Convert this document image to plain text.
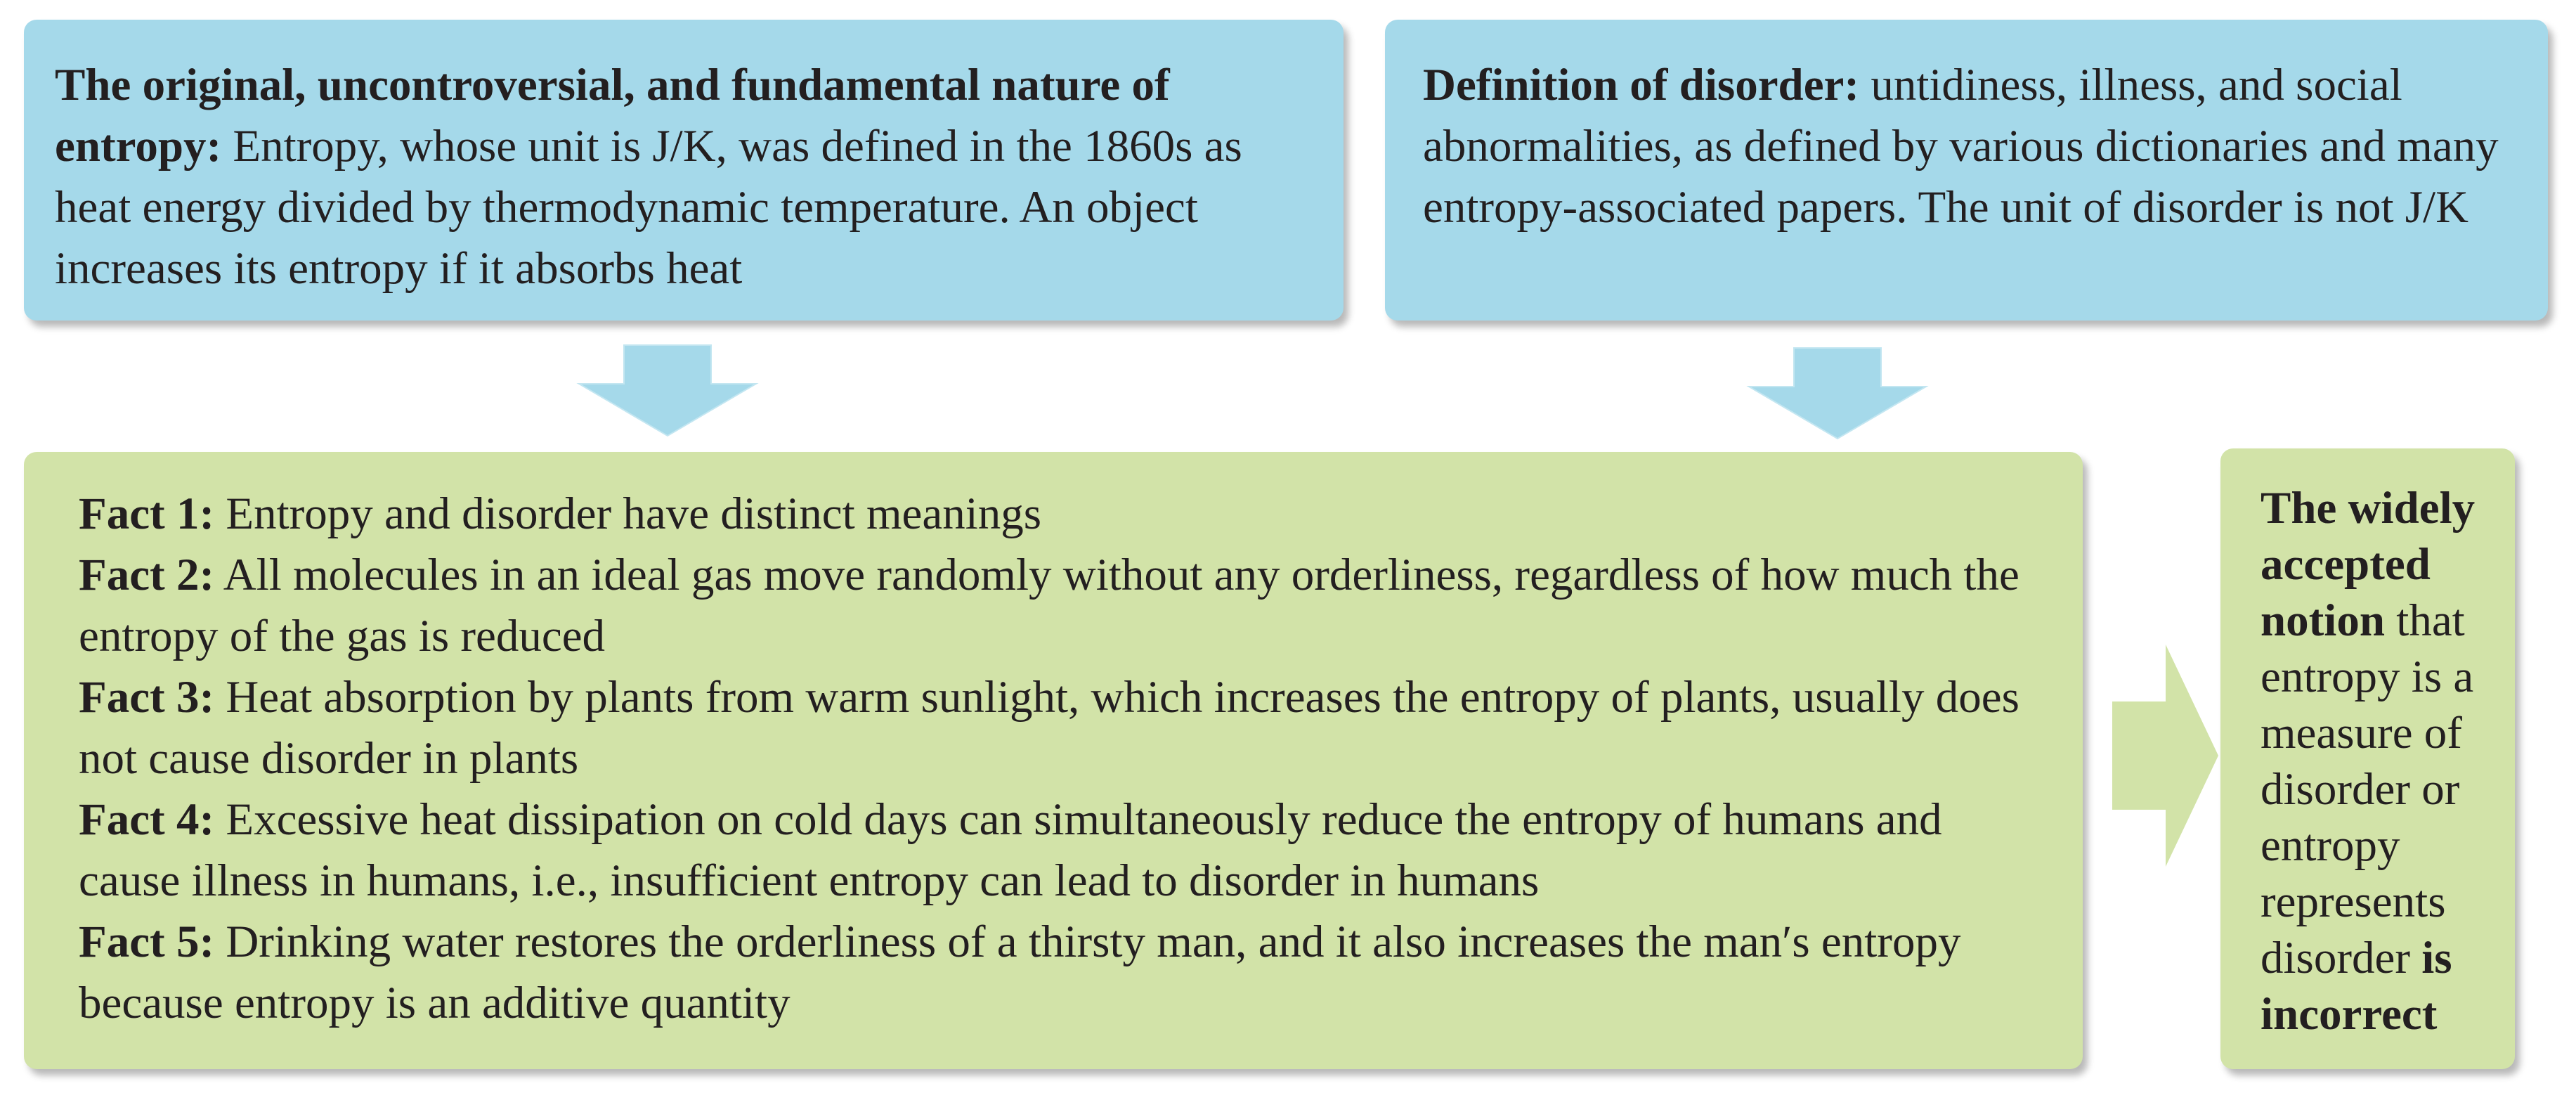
The original, uncontroversial, and fundamental nature of entropy: Entropy, whose unit is J/K, was defined in the 1860s as heat energy divided by thermodynamic temperature. An object increases its entropy if it absorbs heat
Definition of disorder: untidiness, illness, and social abnormalities, as defined by various dictionaries and many entropy-associated papers. The unit of disorder is not J/K
Fact 1: Entropy and disorder have distinct meanings
Fact 2: All molecules in an ideal gas move randomly without any orderliness, regardless of how much the entropy of the gas is reduced
Fact 3: Heat absorption by plants from warm sunlight, which increases the entropy of plants, usually does not cause disorder in plants
Fact 4: Excessive heat dissipation on cold days can simultaneously reduce the entropy of humans and cause illness in humans, i.e., insufficient entropy can lead to disorder in humans
Fact 5: Drinking water restores the orderliness of a thirsty man, and it also increases the man′s entropy because entropy is an additive quantity
The widely accepted notion that entropy is a measure of disorder or entropy represents disorder is incorrect
